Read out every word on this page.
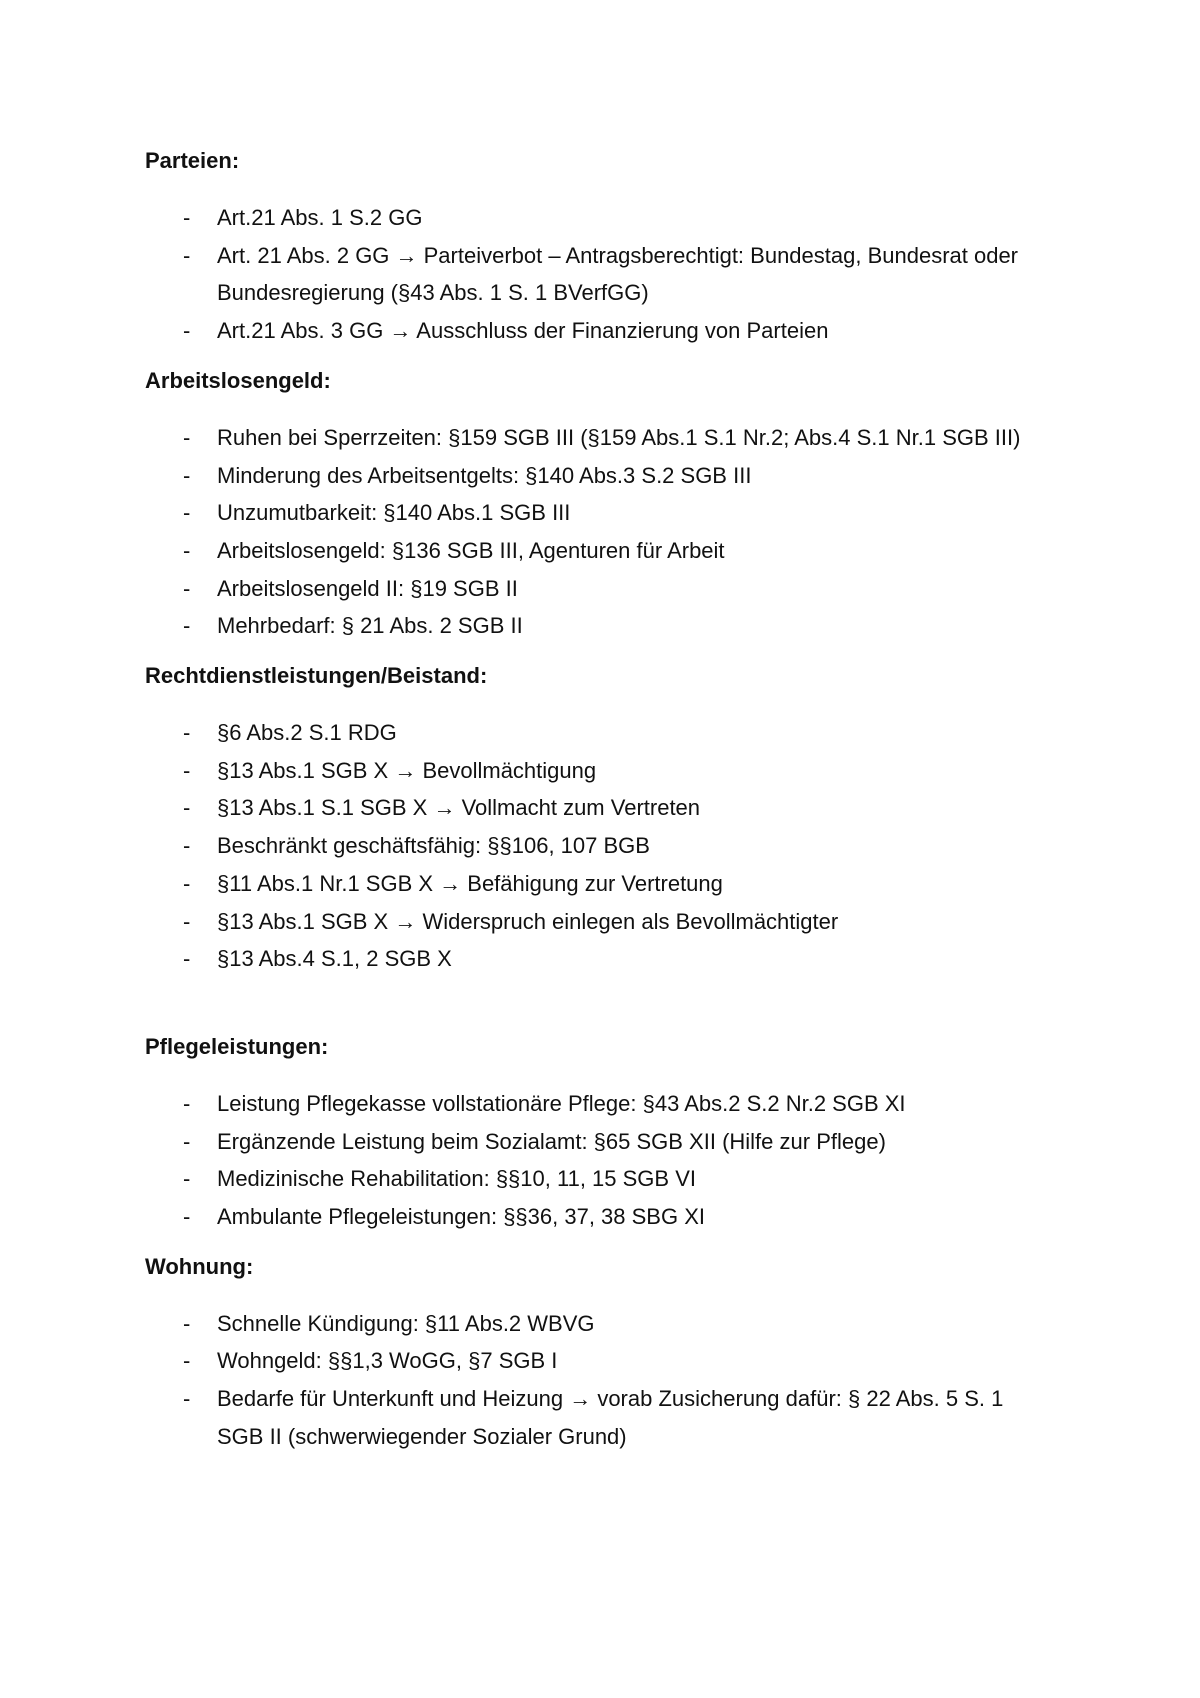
Parteien:

- Art.21 Abs. 1 S.2 GG
- Art. 21 Abs. 2 GG → Parteiverbot – Antragsberechtigt: Bundestag, Bundesrat oder Bundesregierung (§43 Abs. 1 S. 1 BVerfGG)
- Art.21 Abs. 3 GG → Ausschluss der Finanzierung von Parteien

Arbeitslosengeld:

- Ruhen bei Sperrzeiten: §159 SGB III (§159 Abs.1 S.1 Nr.2; Abs.4 S.1 Nr.1 SGB III)
- Minderung des Arbeitsentgelts: §140 Abs.3 S.2 SGB III
- Unzumutbarkeit: §140 Abs.1 SGB III
- Arbeitslosengeld: §136 SGB III, Agenturen für Arbeit
- Arbeitslosengeld II: §19 SGB II
- Mehrbedarf: § 21 Abs. 2 SGB II

Rechtdienstleistungen/Beistand:

- §6 Abs.2 S.1 RDG
- §13 Abs.1 SGB X → Bevollmächtigung
- §13 Abs.1 S.1 SGB X → Vollmacht zum Vertreten
- Beschränkt geschäftsfähig: §§106, 107 BGB
- §11 Abs.1 Nr.1 SGB X → Befähigung zur Vertretung
- §13 Abs.1 SGB X → Widerspruch einlegen als Bevollmächtigter
- §13 Abs.4 S.1, 2 SGB X

Pflegeleistungen:

- Leistung Pflegekasse vollstationäre Pflege: §43 Abs.2 S.2 Nr.2 SGB XI
- Ergänzende Leistung beim Sozialamt: §65 SGB XII (Hilfe zur Pflege)
- Medizinische Rehabilitation: §§10, 11, 15 SGB VI
- Ambulante Pflegeleistungen: §§36, 37, 38 SBG XI

Wohnung:

- Schnelle Kündigung: §11 Abs.2 WBVG
- Wohngeld: §§1,3 WoGG, §7 SGB I
- Bedarfe für Unterkunft und Heizung → vorab Zusicherung dafür: § 22 Abs. 5 S. 1 SGB II (schwerwiegender Sozialer Grund)
